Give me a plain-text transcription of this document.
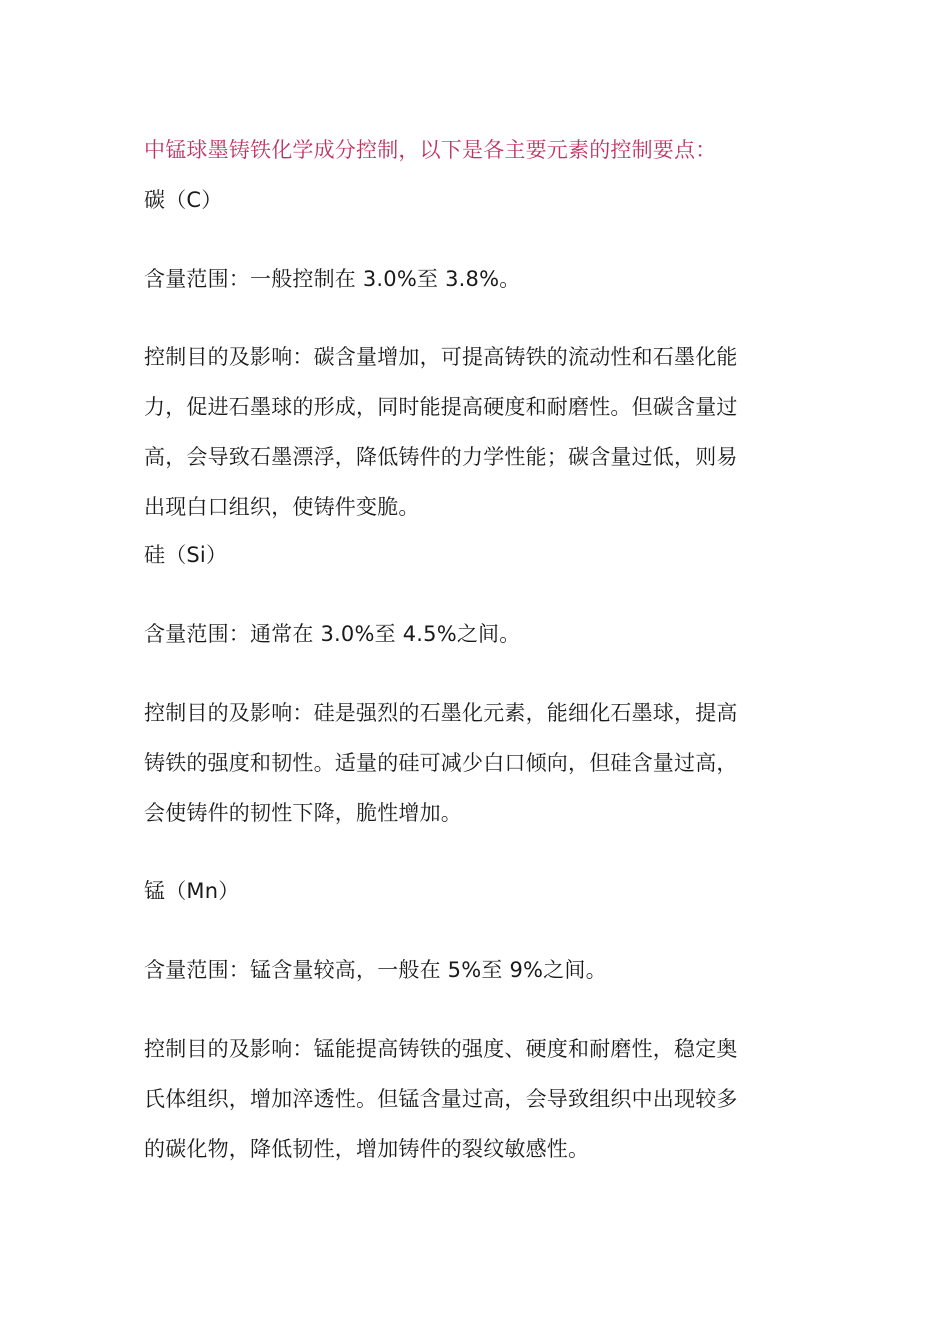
中锰球墨铸铁化学成分控制，以下是各主要元素的控制要点：
碳（C）
含量范围：一般控制在 3.0%至 3.8%。
控制目的及影响：碳含量增加，可提高铸铁的流动性和石墨化能
力，促进石墨球的形成，同时能提高硬度和耐磨性。但碳含量过
高，会导致石墨漂浮，降低铸件的力学性能；碳含量过低，则易
出现白口组织，使铸件变脆。
硅（Si）
含量范围：通常在 3.0%至 4.5%之间。
控制目的及影响：硅是强烈的石墨化元素，能细化石墨球，提高
铸铁的强度和韧性。适量的硅可减少白口倾向，但硅含量过高，
会使铸件的韧性下降，脆性增加。
锰（Mn）
含量范围：锰含量较高，一般在 5%至 9%之间。
控制目的及影响：锰能提高铸铁的强度、硬度和耐磨性，稳定奥
氏体组织，增加淬透性。但锰含量过高，会导致组织中出现较多
的碳化物，降低韧性，增加铸件的裂纹敏感性。
